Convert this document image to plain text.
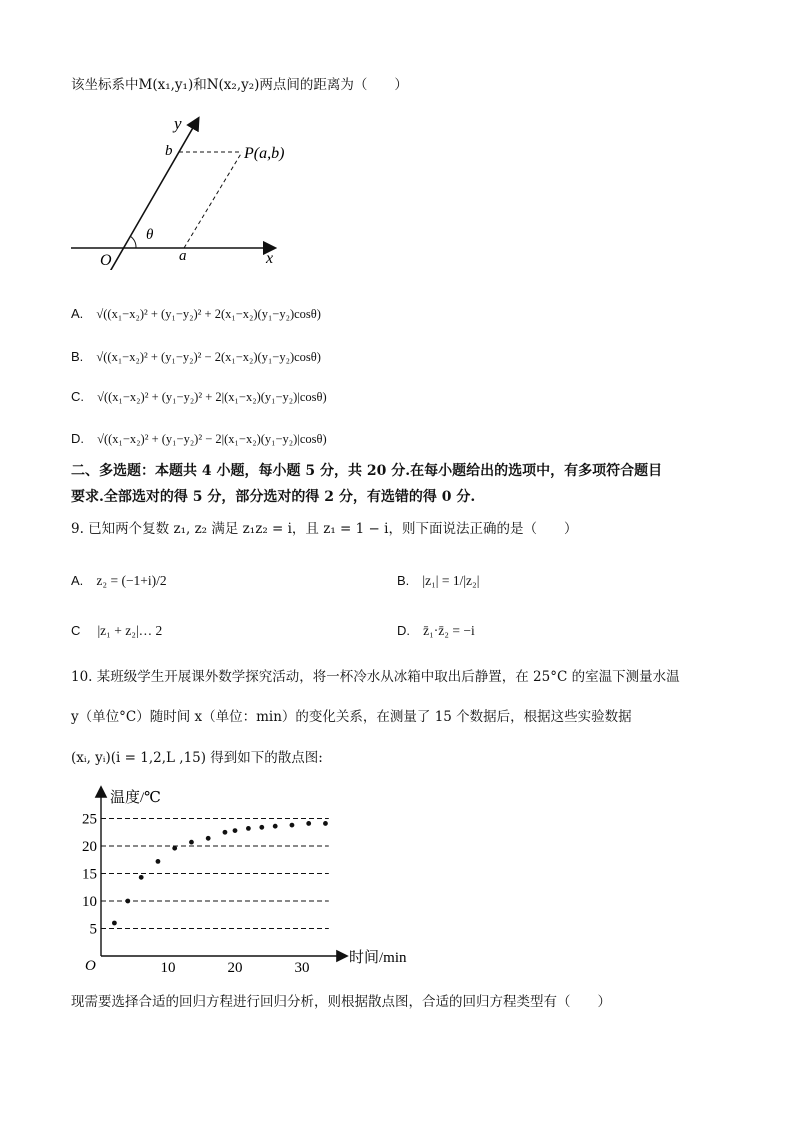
该坐标系中M(x₁,y₁)和N(x₂,y₂)两点间的距离为（　　）
y
b	P(a,b)
θ
O	a	x
A. √((x₁−x₂)² + (y₁−y₂)² + 2(x₁−x₂)(y₁−y₂)cosθ)
B. √((x₁−x₂)² + (y₁−y₂)² − 2(x₁−x₂)(y₁−y₂)cosθ)
C. √((x₁−x₂)² + (y₁−y₂)² + 2|(x₁−x₂)(y₁−y₂)|cosθ)
D. √((x₁−x₂)² + (y₁−y₂)² − 2|(x₁−x₂)(y₁−y₂)|cosθ)
二、多选题：本题共 4 小题，每小题 5 分，共 20 分.在每小题给出的选项中，有多项符合题目
要求.全部选对的得 5 分，部分选对的得 2 分，有选错的得 0 分.
9. 已知两个复数 z₁, z₂ 满足 z₁z₂ = i，且 z₁ = 1 − i，则下面说法正确的是（　　）
A. z₂ = (−1+i)/2	B. |z₁| = 1/|z₂|
C |z₁ + z₂|… 2	D. z̄₁·z̄₂ = −i
10. 某班级学生开展课外数学探究活动，将一杯冷水从冰箱中取出后静置，在 25°C 的室温下测量水温
y（单位°C）随时间 x（单位：min）的变化关系，在测量了 15 个数据后，根据这些实验数据
(xᵢ, yᵢ)(i = 1,2,L ,15) 得到如下的散点图:
5
10
15
20
25
10	20	30
温度/℃
时间/min
O
现需要选择合适的回归方程进行回归分析，则根据散点图，合适的回归方程类型有（　　）
